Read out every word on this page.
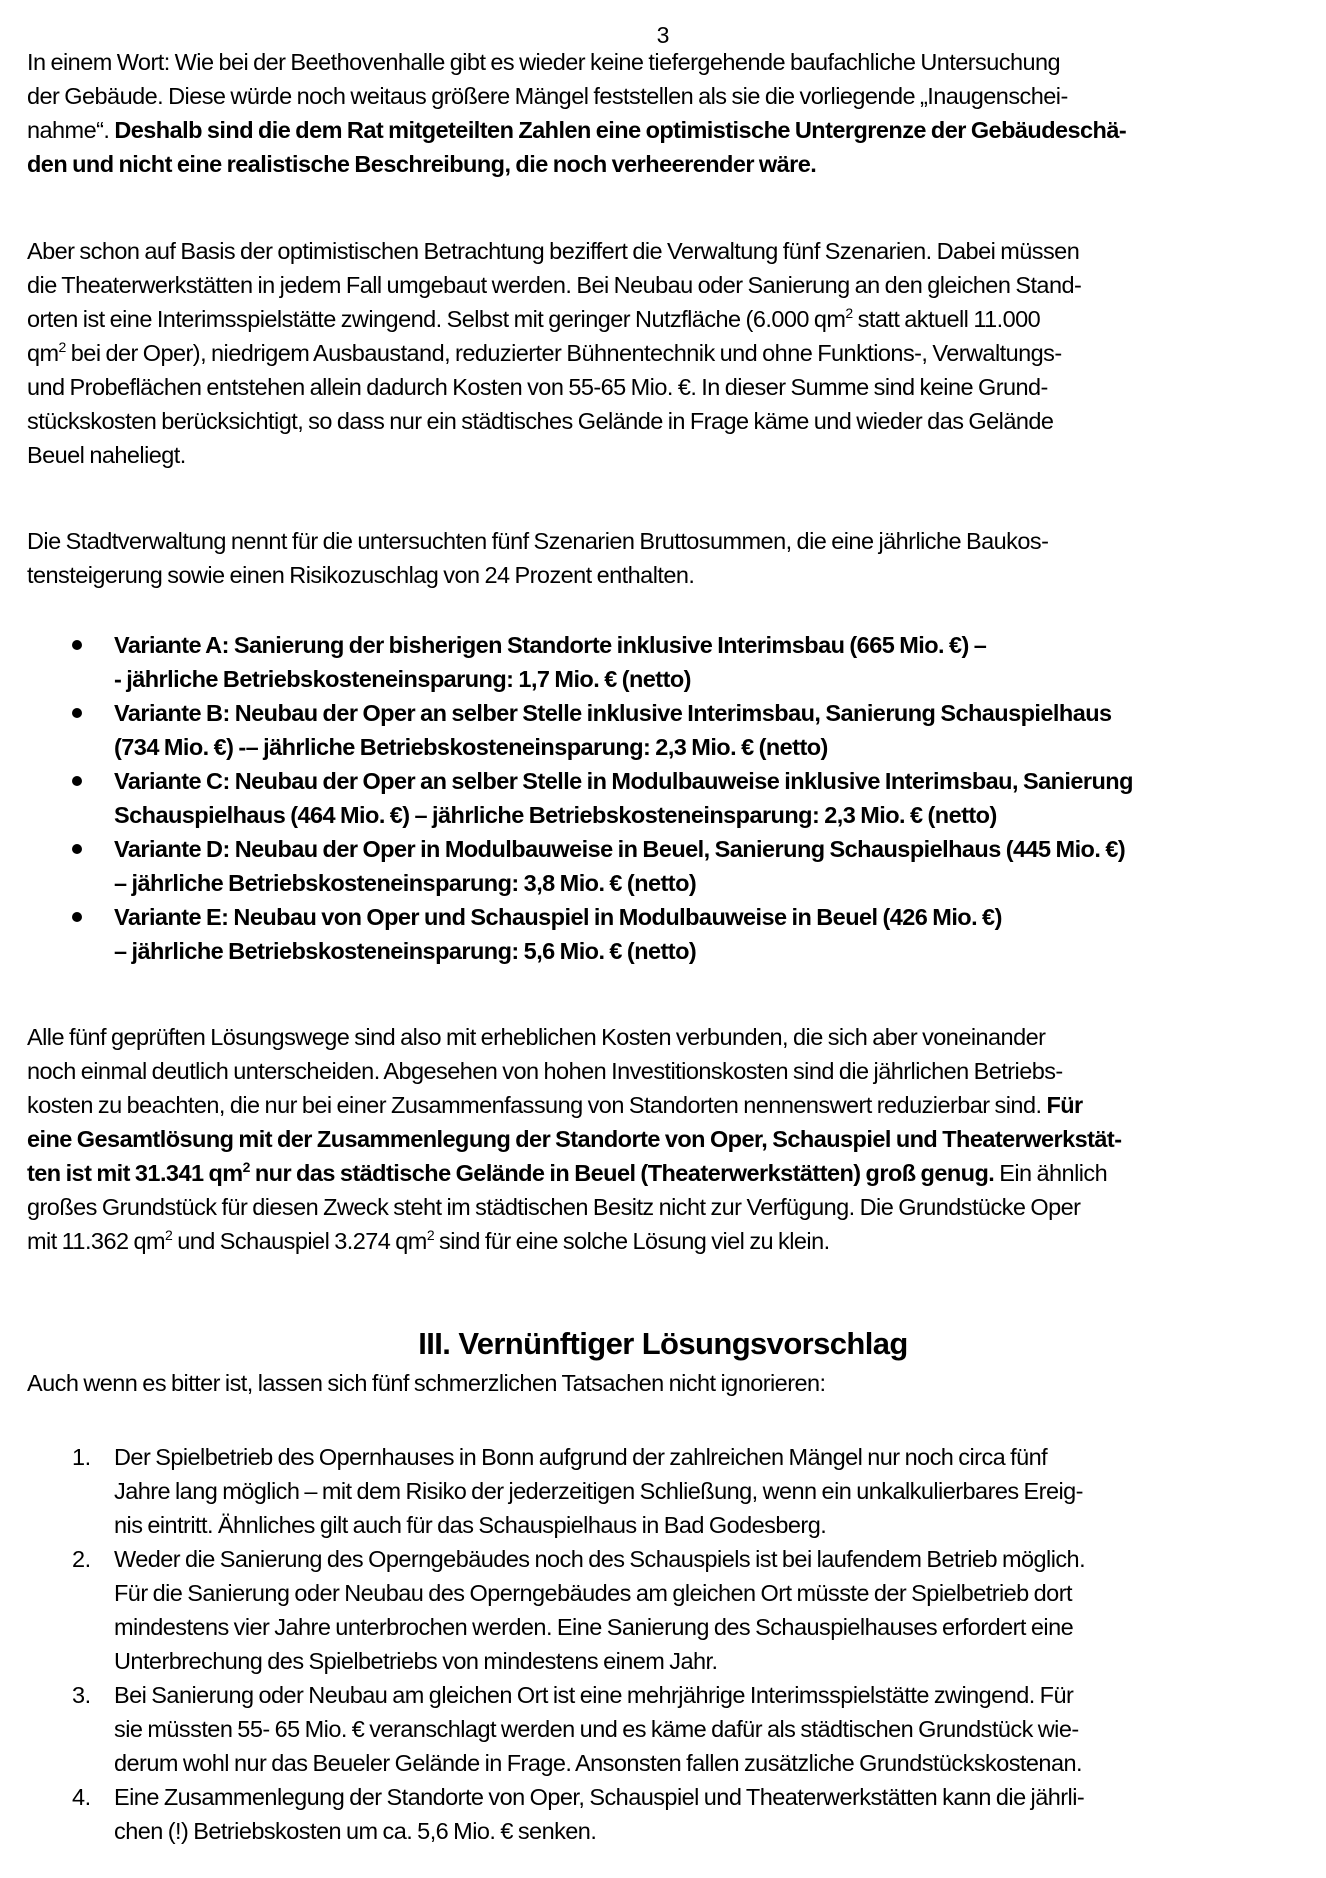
3
In einem Wort: Wie bei der Beethovenhalle gibt es wieder keine tiefergehende baufachliche Untersuchung
der Gebäude. Diese würde noch weitaus größere Mängel feststellen als sie die vorliegende „Inaugenschei-
nahme“. Deshalb sind die dem Rat mitgeteilten Zahlen eine optimistische Untergrenze der Gebäudeschä-
den und nicht eine realistische Beschreibung, die noch verheerender wäre.
Aber schon auf Basis der optimistischen Betrachtung beziffert die Verwaltung fünf Szenarien. Dabei müssen
die Theaterwerkstätten in jedem Fall umgebaut werden. Bei Neubau oder Sanierung an den gleichen Stand-
orten ist eine Interimsspielstätte zwingend. Selbst mit geringer Nutzfläche (6.000 $qm^2$ statt aktuell 11.000
$qm^2$ bei der Oper), niedrigem Ausbaustand, reduzierter Bühnentechnik und ohne Funktions-, Verwaltungs-
und Probeflächen entstehen allein dadurch Kosten von 55-65 Mio. €. In dieser Summe sind keine Grund-
stückskosten berücksichtigt, so dass nur ein städtisches Gelände in Frage käme und wieder das Gelände
Beuel naheliegt.
Die Stadtverwaltung nennt für die untersuchten fünf Szenarien Bruttosummen, die eine jährliche Baukos-
tensteigerung sowie einen Risikozuschlag von 24 Prozent enthalten.
Variante A: Sanierung der bisherigen Standorte inklusive Interimsbau (665 Mio. €) –
- jährliche Betriebskosteneinsparung: 1,7 Mio. € (netto)
Variante B: Neubau der Oper an selber Stelle inklusive Interimsbau, Sanierung Schauspielhaus
(734 Mio. €) -– jährliche Betriebskosteneinsparung: 2,3 Mio. € (netto)
Variante C: Neubau der Oper an selber Stelle in Modulbauweise inklusive Interimsbau, Sanierung
Schauspielhaus (464 Mio. €) – jährliche Betriebskosteneinsparung: 2,3 Mio. € (netto)
Variante D: Neubau der Oper in Modulbauweise in Beuel, Sanierung Schauspielhaus (445 Mio. €)
– jährliche Betriebskosteneinsparung: 3,8 Mio. € (netto)
Variante E: Neubau von Oper und Schauspiel in Modulbauweise in Beuel (426 Mio. €)
– jährliche Betriebskosteneinsparung: 5,6 Mio. € (netto)
Alle fünf geprüften Lösungswege sind also mit erheblichen Kosten verbunden, die sich aber voneinander
noch einmal deutlich unterscheiden. Abgesehen von hohen Investitionskosten sind die jährlichen Betriebs-
kosten zu beachten, die nur bei einer Zusammenfassung von Standorten nennenswert reduzierbar sind. Für
eine Gesamtlösung mit der Zusammenlegung der Standorte von Oper, Schauspiel und Theaterwerkstät-
ten ist mit 31.341 $qm^2$ nur das städtische Gelände in Beuel (Theaterwerkstätten) groß genug. Ein ähnlich
großes Grundstück für diesen Zweck steht im städtischen Besitz nicht zur Verfügung. Die Grundstücke Oper
mit 11.362 $qm^2$ und Schauspiel 3.274 $qm^2$ sind für eine solche Lösung viel zu klein.
III. Vernünftiger Lösungsvorschlag
Auch wenn es bitter ist, lassen sich fünf schmerzlichen Tatsachen nicht ignorieren:
1. Der Spielbetrieb des Opernhauses in Bonn aufgrund der zahlreichen Mängel nur noch circa fünf
Jahre lang möglich – mit dem Risiko der jederzeitigen Schließung, wenn ein unkalkulierbares Ereig-
nis eintritt. Ähnliches gilt auch für das Schauspielhaus in Bad Godesberg.
2. Weder die Sanierung des Operngebäudes noch des Schauspiels ist bei laufendem Betrieb möglich.
Für die Sanierung oder Neubau des Operngebäudes am gleichen Ort müsste der Spielbetrieb dort
mindestens vier Jahre unterbrochen werden. Eine Sanierung des Schauspielhauses erfordert eine
Unterbrechung des Spielbetriebs von mindestens einem Jahr.
3. Bei Sanierung oder Neubau am gleichen Ort ist eine mehrjährige Interimsspielstätte zwingend. Für
sie müssten 55- 65 Mio. € veranschlagt werden und es käme dafür als städtischen Grundstück wie-
derum wohl nur das Beueler Gelände in Frage. Ansonsten fallen zusätzliche Grundstückskostenan.
4. Eine Zusammenlegung der Standorte von Oper, Schauspiel und Theaterwerkstätten kann die jährli-
chen (!) Betriebskosten um ca. 5,6 Mio. € senken.
